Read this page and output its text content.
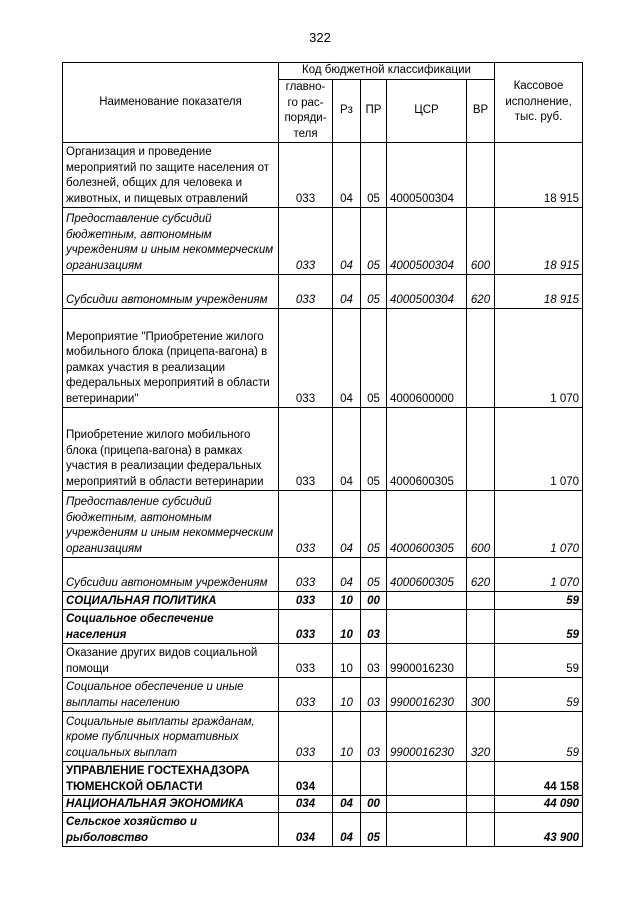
322
Наименование показателя	Код бюджетной классификации					Кассовое исполнение, тыс. руб.
	главно-го рас-поряди-теля	Рз	ПР	ЦСР	ВР	
Организация и проведение мероприятий по защите населения от болезней, общих для человека и животных, и пищевых отравлений	033	04	05	4000500304		18 915
Предоставление субсидий бюджетным, автономным учреждениям и иным некоммерческим организациям	033	04	05	4000500304	600	18 915
Субсидии автономным учреждениям	033	04	05	4000500304	620	18 915
Мероприятие "Приобретение жилого мобильного блока (прицепа-вагона) в рамках участия в реализации федеральных мероприятий в области ветеринарии"	033	04	05	4000600000		1 070
Приобретение жилого мобильного блока (прицепа-вагона) в рамках участия в реализации федеральных мероприятий в области ветеринарии	033	04	05	4000600305		1 070
Предоставление субсидий бюджетным, автономным учреждениям и иным некоммерческим организациям	033	04	05	4000600305	600	1 070
Субсидии автономным учреждениям	033	04	05	4000600305	620	1 070
СОЦИАЛЬНАЯ ПОЛИТИКА	033	10	00			59
Социальное обеспечение населения	033	10	03			59
Оказание других видов социальной помощи	033	10	03	9900016230		59
Социальное обеспечение и иные выплаты населению	033	10	03	9900016230	300	59
Социальные выплаты гражданам, кроме публичных нормативных социальных выплат	033	10	03	9900016230	320	59
УПРАВЛЕНИЕ ГОСТЕХНАДЗОРА ТЮМЕНСКОЙ ОБЛАСТИ	034					44 158
НАЦИОНАЛЬНАЯ ЭКОНОМИКА	034	04	00			44 090
Сельское хозяйство и рыболовство	034	04	05			43 900
